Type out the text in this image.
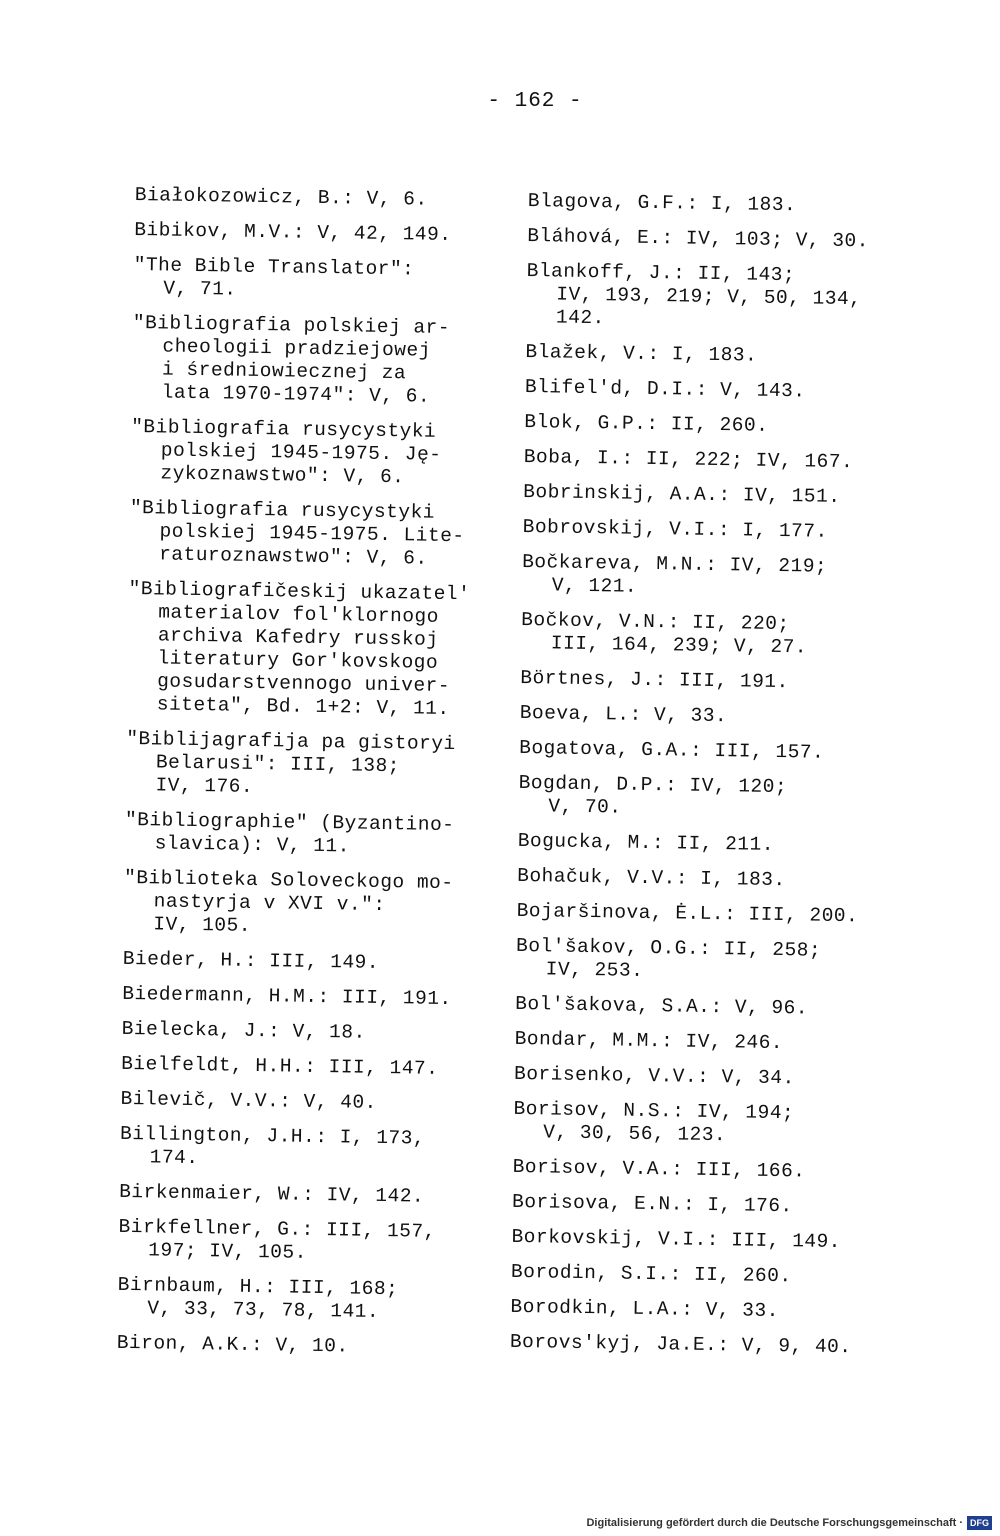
- 162 -
Białokozowicz, B.: V, 6.
Bibikov, M.V.: V, 42, 149.
"The Bible Translator":
V, 71.
"Bibliografia polskiej ar-
cheologii pradziejowej
i średniowiecznej za
lata 1970-1974": V, 6.
"Bibliografia rusycystyki
polskiej 1945-1975. Ję-
zykoznawstwo": V, 6.
"Bibliografia rusycystyki
polskiej 1945-1975. Lite-
raturoznawstwo": V, 6.
"Bibliografičeskij ukazatel'
materialov fol'klornogo
archiva Kafedry russkoj
literatury Gor'kovskogo
gosudarstvennogo univer-
siteta", Bd. 1+2: V, 11.
"Biblijagrafija pa gistoryi
Belarusi": III, 138;
IV, 176.
"Bibliographie" (Byzantino-
slavica): V, 11.
"Biblioteka Soloveckogo mo-
nastyrja v XVI v.":
IV, 105.
Bieder, H.: III, 149.
Biedermann, H.M.: III, 191.
Bielecka, J.: V, 18.
Bielfeldt, H.H.: III, 147.
Bilevič, V.V.: V, 40.
Billington, J.H.: I, 173,
174.
Birkenmaier, W.: IV, 142.
Birkfellner, G.: III, 157,
197; IV, 105.
Birnbaum, H.: III, 168;
V, 33, 73, 78, 141.
Biron, A.K.: V, 10.
Blagova, G.F.: I, 183.
Bláhová, E.: IV, 103; V, 30.
Blankoff, J.: II, 143;
IV, 193, 219; V, 50, 134,
142.
Blažek, V.: I, 183.
Blifel'd, D.I.: V, 143.
Blok, G.P.: II, 260.
Boba, I.: II, 222; IV, 167.
Bobrinskij, A.A.: IV, 151.
Bobrovskij, V.I.: I, 177.
Bočkareva, M.N.: IV, 219;
V, 121.
Bočkov, V.N.: II, 220;
III, 164, 239; V, 27.
Börtnes, J.: III, 191.
Boeva, L.: V, 33.
Bogatova, G.A.: III, 157.
Bogdan, D.P.: IV, 120;
V, 70.
Bogucka, M.: II, 211.
Bohačuk, V.V.: I, 183.
Bojaršinova, Ė.L.: III, 200.
Bol'šakov, O.G.: II, 258;
IV, 253.
Bol'šakova, S.A.: V, 96.
Bondar, M.M.: IV, 246.
Borisenko, V.V.: V, 34.
Borisov, N.S.: IV, 194;
V, 30, 56, 123.
Borisov, V.A.: III, 166.
Borisova, E.N.: I, 176.
Borkovskij, V.I.: III, 149.
Borodin, S.I.: II, 260.
Borodkin, L.A.: V, 33.
Borovs'kyj, Ja.E.: V, 9, 40.
Digitalisierung gefördert durch die Deutsche Forschungsgemeinschaft · DFG
